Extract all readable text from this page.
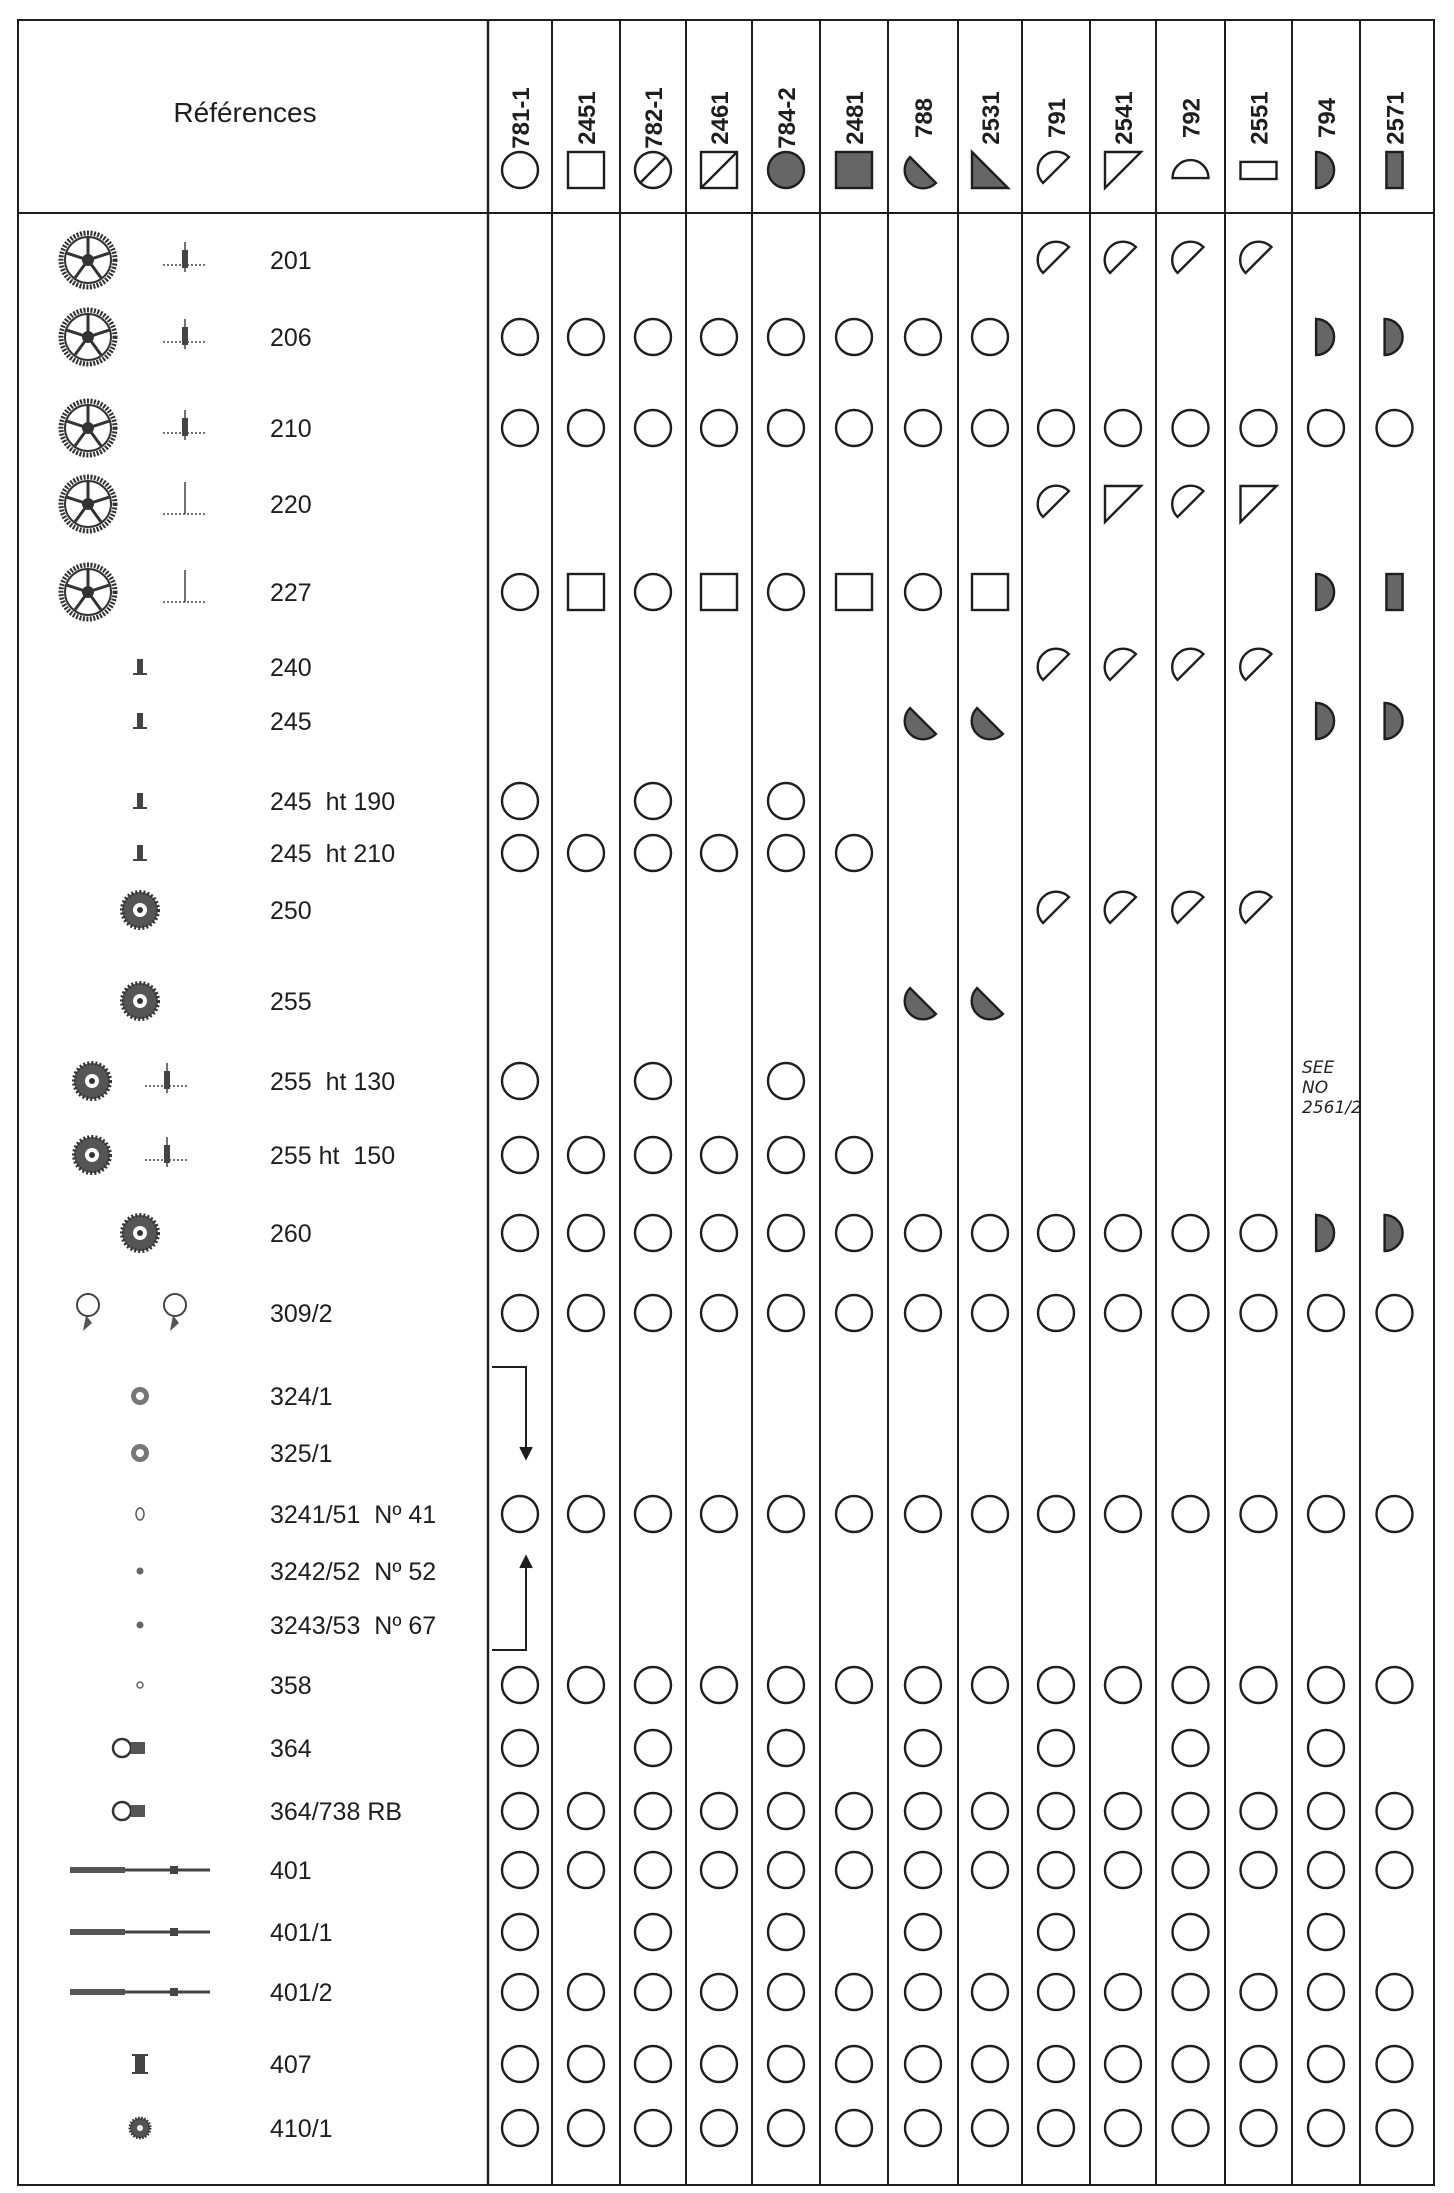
Références	781-1 2451 782-1 2461 784-2 2481 788 2531 791 2541 792 2551 794 2571
201
206
210
220
227
240
245
245  ht 190
245  ht 210
250
255
255  ht 130
255 ht  150
260
309/2
324/1
325/1
3241/51  Nº 41
3242/52  Nº 52
3243/53  Nº 67
358
364
364/738 RB
401
401/1
401/2
407
410/1
SEE
NO
2561/2
